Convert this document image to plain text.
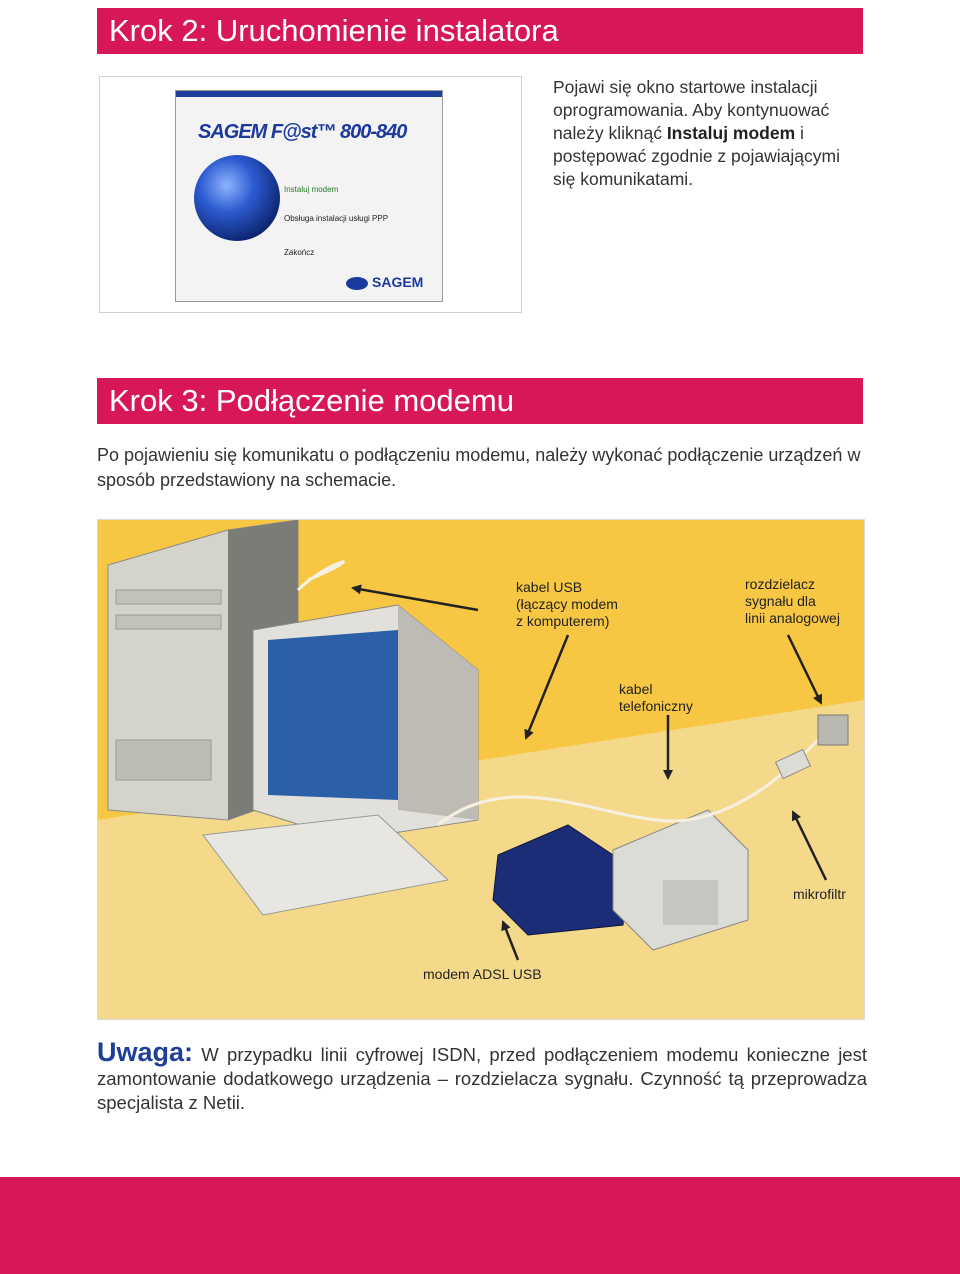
Krok 2: Uruchomienie instalatora
SAGEM F@st™ 800-840
Instaluj modem
Obsługa instalacji usługi PPP
Zakończ
SAGEM
Pojawi się okno startowe instalacji oprogramowania. Aby kontynuować należy kliknąć Instaluj modem i postępować zgodnie z pojawiającymi się komunikatami.
Krok 3: Podłączenie modemu
Po pojawieniu się komunikatu o podłączeniu modemu, należy wykonać podłączenie urządzeń w sposób przedstawiony na schemacie.
kabel USB
(łączący modem
z komputerem)
rozdzielacz
sygnału dla
linii analogowej
kabel
telefoniczny
mikrofiltr
modem ADSL USB
Uwaga: W przypadku linii cyfrowej ISDN, przed podłączeniem modemu konieczne jest zamontowanie dodatkowego urządzenia – rozdzielacza sygnału. Czynność tą przeprowadza specjalista z Netii.
